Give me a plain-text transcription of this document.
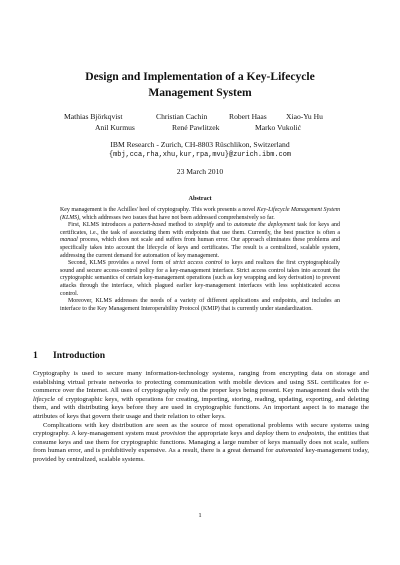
Design and Implementation of a Key-Lifecycle
Management System
Mathias Björkqvist	Christian Cachin	Robert Haas	Xiao-Yu Hu
Anil Kurmus	René Pawlitzek	Marko Vukolić
IBM Research - Zurich, CH-8803 Rüschlikon, Switzerland
{mbj,cca,rha,xhu,kur,rpa,mvu}@zurich.ibm.com
23 March 2010
Abstract

Key management is the Achilles' heel of cryptography. This work presents a novel Key-Lifecycle Management System (KLMS), which addresses two issues that have not been addressed comprehensively so far.

First, KLMS introduces a pattern-based method to simplify and to automate the deployment task for keys and certificates, i.e., the task of associating them with endpoints that use them. Currently, the best practice is often a manual process, which does not scale and suffers from human error. Our approach eliminates these problems and specifically takes into account the lifecycle of keys and certificates. The result is a centralized, scalable system, addressing the current demand for automation of key management.

Second, KLMS provides a novel form of strict access control to keys and realizes the first cryptographically sound and secure access-control policy for a key-management interface. Strict access control takes into account the cryptographic semantics of certain key-management operations (such as key wrapping and key derivation) to prevent attacks through the interface, which plagued earlier key-management interfaces with less sophisticated access control.

Moreover, KLMS addresses the needs of a variety of different applications and endpoints, and includes an interface to the Key Management Interoperability Protocol (KMIP) that is currently under standardization.

1 Introduction

Cryptography is used to secure many information-technology systems, ranging from encrypting data on storage and establishing virtual private networks to protecting communication with mobile devices and using SSL certificates for e-commerce over the Internet. All uses of cryptography rely on the proper keys being present. Key management deals with the lifecycle of cryptographic keys, with operations for creating, importing, storing, reading, updating, exporting, and deleting them, and with distributing keys before they are used in cryptographic functions. An important aspect is to manage the attributes of keys that govern their usage and their relation to other keys.

Complications with key distribution are seen as the source of most operational problems with secure systems using cryptography. A key-management system must provision the appropriate keys and deploy them to endpoints, the entities that consume keys and use them for cryptographic functions. Managing a large number of keys manually does not scale, suffers from human error, and is prohibitively expensive. As a result, there is a great demand for automated key-management today, provided by centralized, scalable systems.

1
